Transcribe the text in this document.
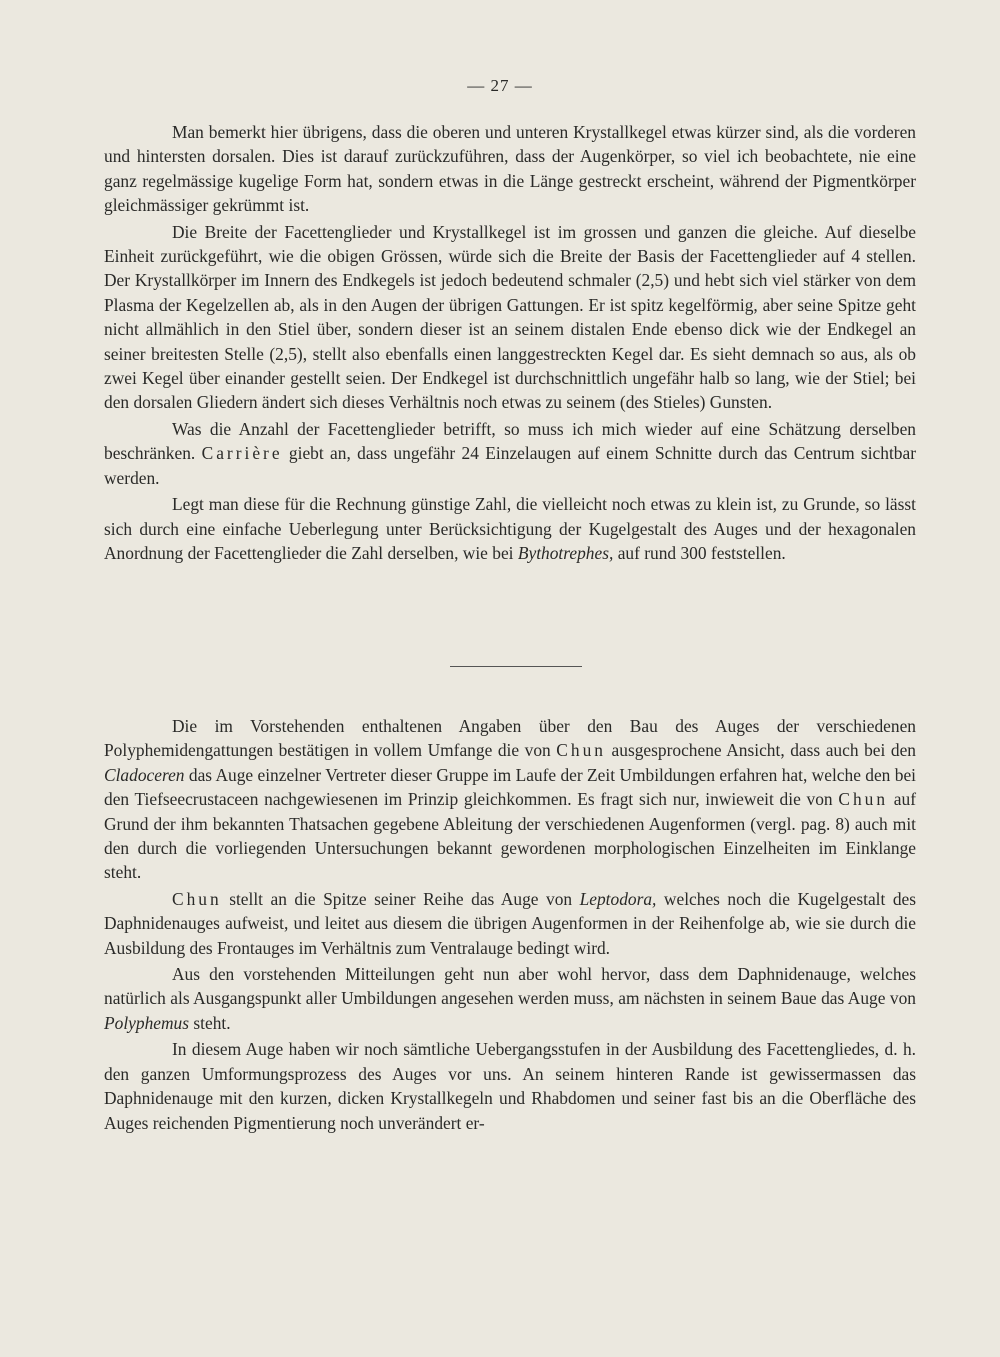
— 27 —

Man bemerkt hier übrigens, dass die oberen und unteren Krystallkegel etwas kürzer sind, als die vorderen und hintersten dorsalen. Dies ist darauf zurückzuführen, dass der Augenkörper, so viel ich beobachtete, nie eine ganz regelmässige kugelige Form hat, sondern etwas in die Länge gestreckt erscheint, während der Pigmentkörper gleichmässiger gekrümmt ist.

Die Breite der Facettenglieder und Krystallkegel ist im grossen und ganzen die gleiche. Auf dieselbe Einheit zurückgeführt, wie die obigen Grössen, würde sich die Breite der Basis der Facettenglieder auf 4 stellen. Der Krystallkörper im Innern des Endkegels ist jedoch bedeutend schmaler (2,5) und hebt sich viel stärker von dem Plasma der Kegelzellen ab, als in den Augen der übrigen Gattungen. Er ist spitz kegelförmig, aber seine Spitze geht nicht allmählich in den Stiel über, sondern dieser ist an seinem distalen Ende ebenso dick wie der Endkegel an seiner breitesten Stelle (2,5), stellt also ebenfalls einen langgestreckten Kegel dar. Es sieht demnach so aus, als ob zwei Kegel über einander gestellt seien. Der Endkegel ist durchschnittlich ungefähr halb so lang, wie der Stiel; bei den dorsalen Gliedern ändert sich dieses Verhältnis noch etwas zu seinem (des Stieles) Gunsten.

Was die Anzahl der Facettenglieder betrifft, so muss ich mich wieder auf eine Schätzung derselben beschränken. Carrière giebt an, dass ungefähr 24 Einzelaugen auf einem Schnitte durch das Centrum sichtbar werden.

Legt man diese für die Rechnung günstige Zahl, die vielleicht noch etwas zu klein ist, zu Grunde, so lässt sich durch eine einfache Ueberlegung unter Berücksichtigung der Kugelgestalt des Auges und der hexagonalen Anordnung der Facettenglieder die Zahl derselben, wie bei Bythotrephes, auf rund 300 feststellen.

Die im Vorstehenden enthaltenen Angaben über den Bau des Auges der verschiedenen Polyphemidengattungen bestätigen in vollem Umfange die von Chun ausgesprochene Ansicht, dass auch bei den Cladoceren das Auge einzelner Vertreter dieser Gruppe im Laufe der Zeit Umbildungen erfahren hat, welche den bei den Tiefseecrustaceen nachgewiesenen im Prinzip gleichkommen. Es fragt sich nur, inwieweit die von Chun auf Grund der ihm bekannten Thatsachen gegebene Ableitung der verschiedenen Augenformen (vergl. pag. 8) auch mit den durch die vorliegenden Untersuchungen bekannt gewordenen morphologischen Einzelheiten im Einklange steht.

Chun stellt an die Spitze seiner Reihe das Auge von Leptodora, welches noch die Kugelgestalt des Daphnidenauges aufweist, und leitet aus diesem die übrigen Augenformen in der Reihenfolge ab, wie sie durch die Ausbildung des Frontauges im Verhältnis zum Ventralauge bedingt wird.

Aus den vorstehenden Mitteilungen geht nun aber wohl hervor, dass dem Daphnidenauge, welches natürlich als Ausgangspunkt aller Umbildungen angesehen werden muss, am nächsten in seinem Baue das Auge von Polyphemus steht.

In diesem Auge haben wir noch sämtliche Uebergangsstufen in der Ausbildung des Facettengliedes, d. h. den ganzen Umformungsprozess des Auges vor uns. An seinem hinteren Rande ist gewissermassen das Daphnidenauge mit den kurzen, dicken Krystallkegeln und Rhabdomen und seiner fast bis an die Oberfläche des Auges reichenden Pigmentierung noch unverändert er-
